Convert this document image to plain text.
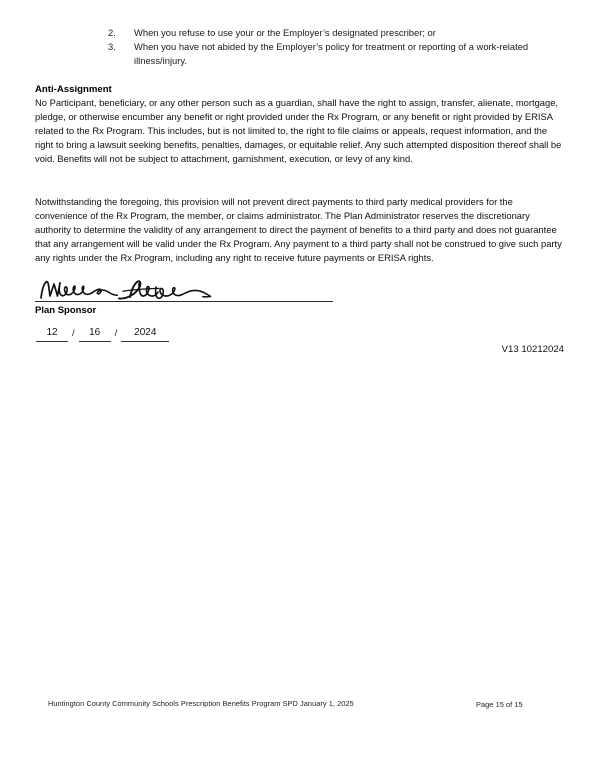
2.	When you refuse to use your or the Employer’s designated prescriber; or
3.	When you have not abided by the Employer’s policy for treatment or reporting of a work-related illness/injury.
Anti-Assignment
No Participant, beneficiary, or any other person such as a guardian, shall have the right to assign, transfer, alienate, mortgage, pledge, or otherwise encumber any benefit or right provided under the Rx Program, or any benefit or right provided by ERISA related to the Rx Program. This includes, but is not limited to, the right to file claims or appeals, request information, and the right to bring a lawsuit seeking benefits, penalties, damages, or equitable relief. Any such attempted disposition thereof shall be void. Benefits will not be subject to attachment, garnishment, execution, or levy of any kind.
Notwithstanding the foregoing, this provision will not prevent direct payments to third party medical providers for the convenience of the Rx Program, the member, or claims administrator. The Plan Administrator reserves the discretionary authority to determine the validity of any arrangement to direct the payment of benefits to a third party and does not guarantee that any arrangement will be valid under the Rx Program. Any payment to a third party shall not be construed to give such party any rights under the Rx Program, including any right to receive future payments or ERISA rights.
Plan Sponsor
12	/	16	/	2024
V13 10212024
Huntington County Community Schools Prescription Benefits Program SPD January 1, 2025	Page 15 of 15
